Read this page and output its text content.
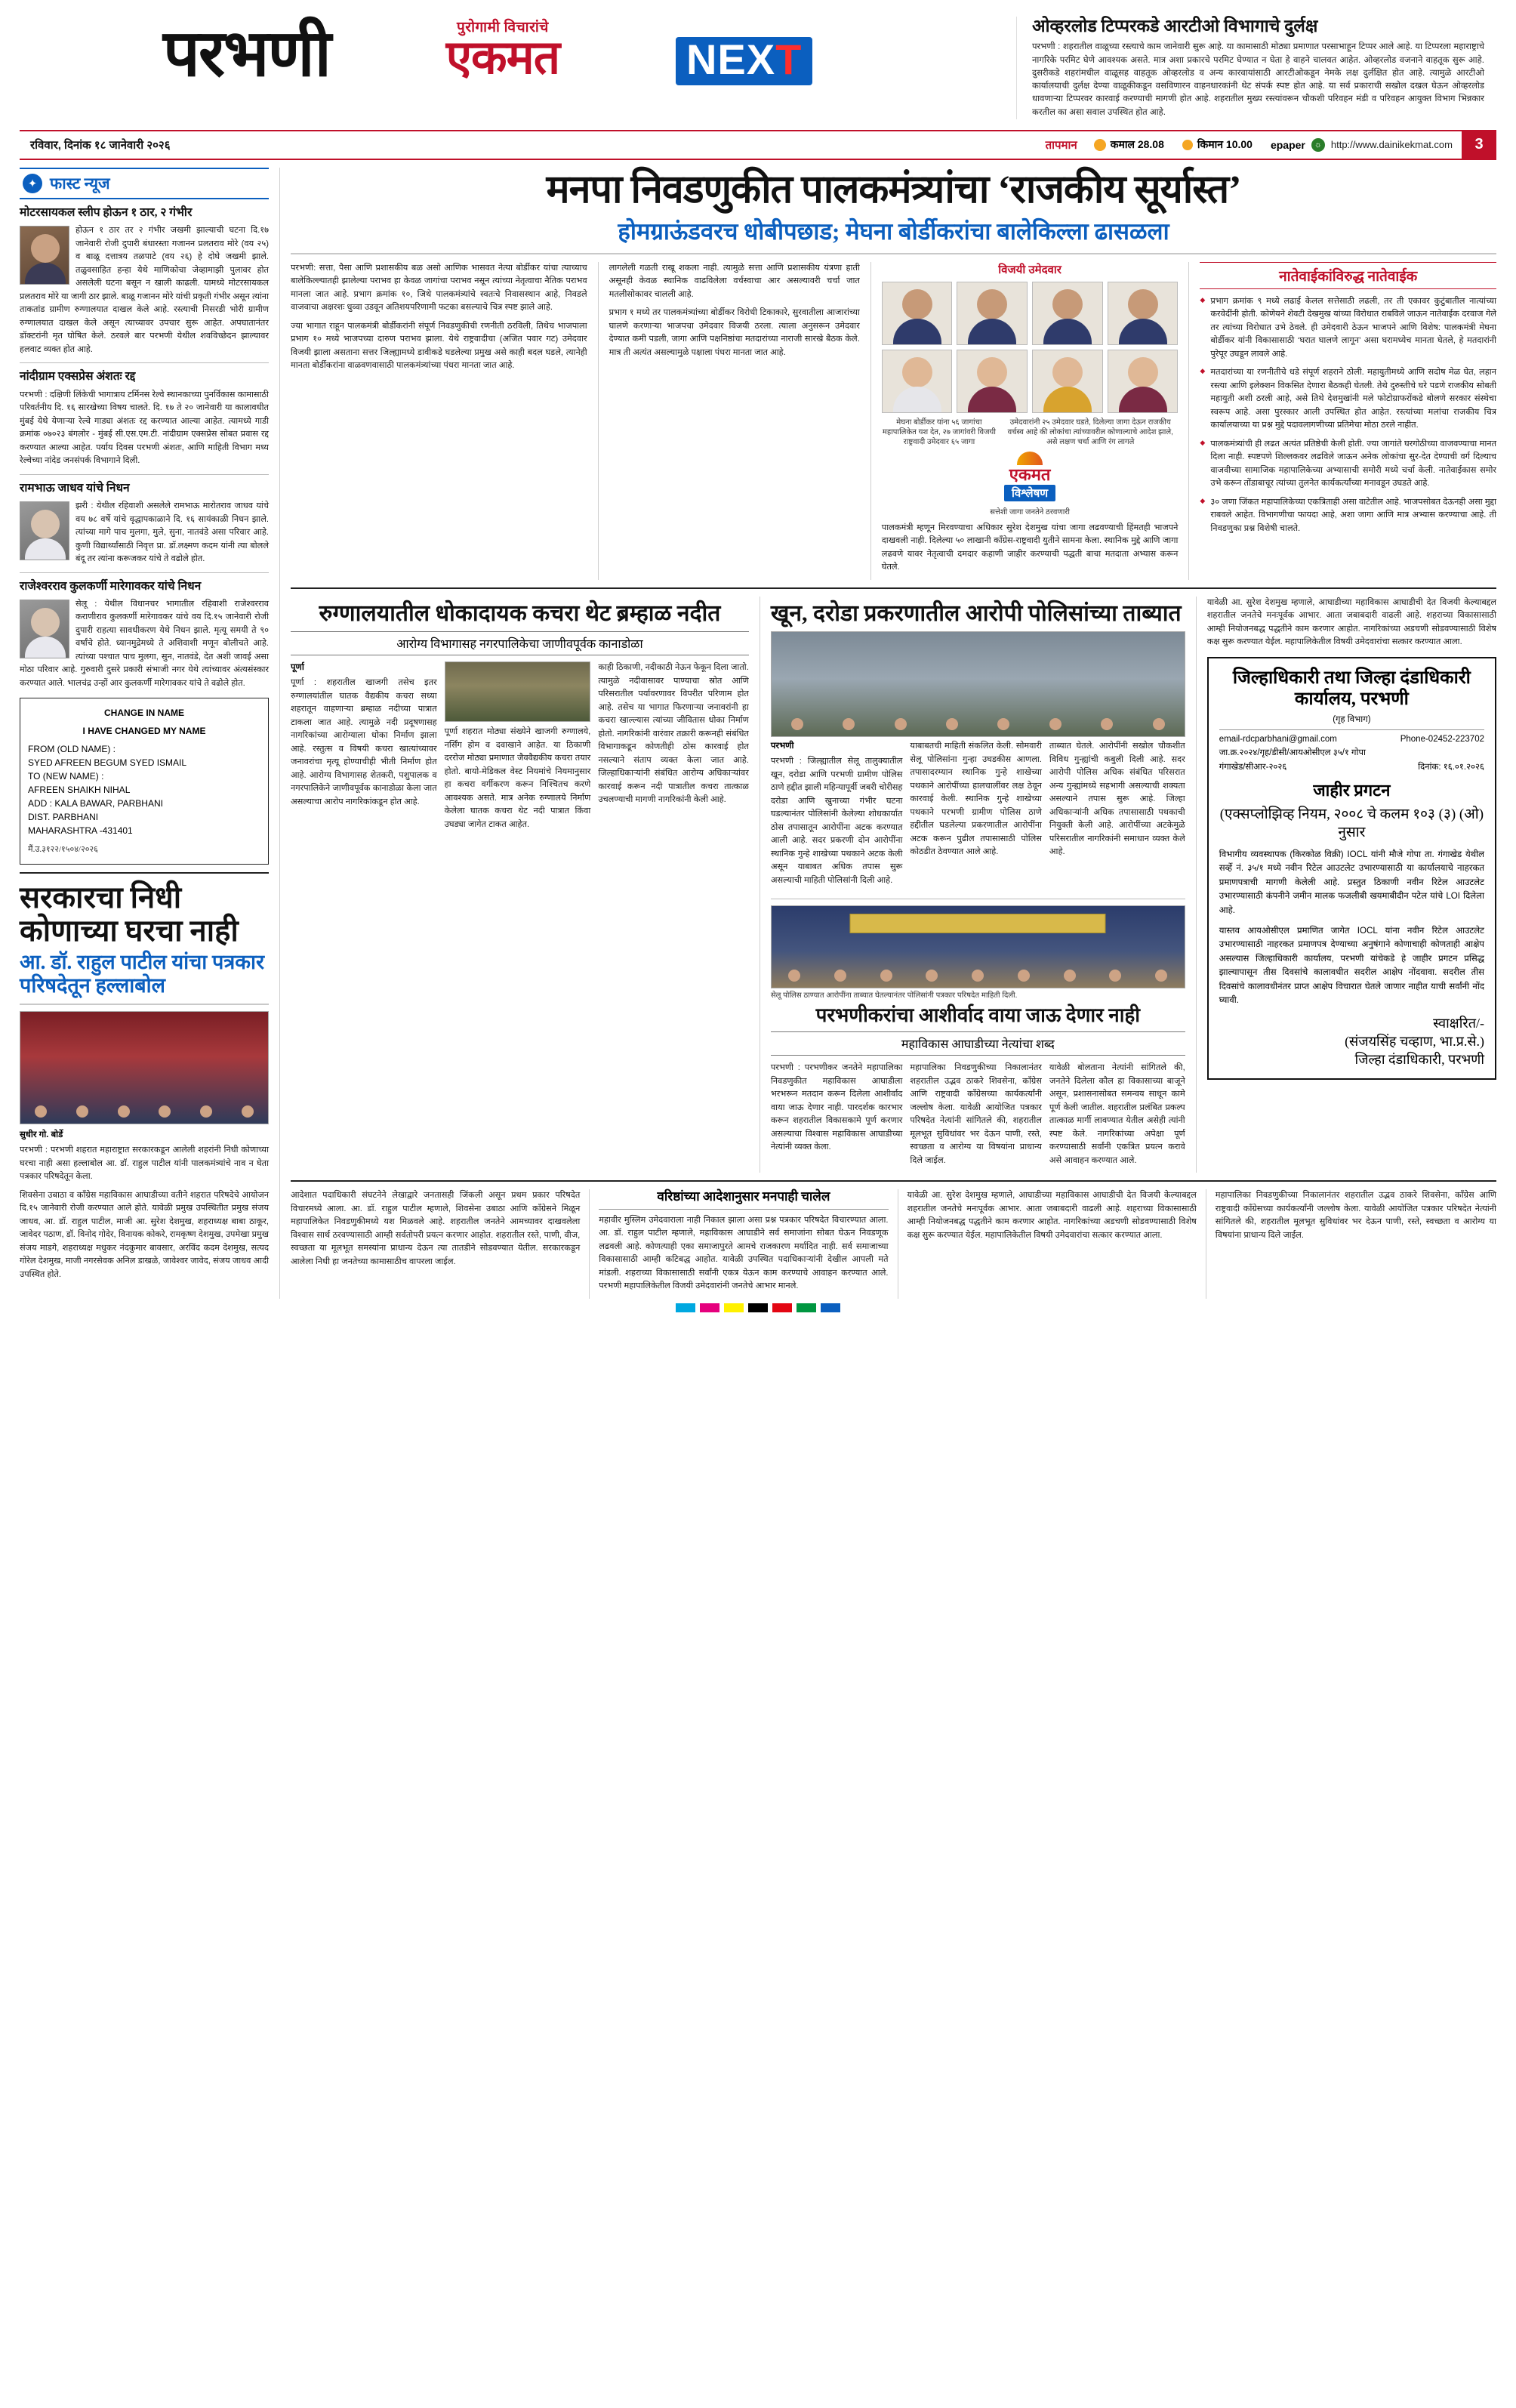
परभणी	पुरोगामी विचारांचे
एकमत	NEX T
ओव्हरलोड टिप्परकडे आरटीओ विभागाचे दुर्लक्ष

परभणी : शहरातील वाळूच्या रस्त्याचे काम जानेवारी सुरू आहे. या कामासाठी मोठ्या प्रमाणात परसाभाहून टिप्पर आले आहे. या टिप्परला महाराष्ट्राचे नागरिके परमिट घेणे आवश्यक असते. मात्र अशा प्रकारचे परमिट घेण्यात न घेता हे वाहने चालवत आहेत. ओव्हरलोड वजनाने वाहतूक सुरू आहे. दुसरीकडे शहरांमधील वाळूसह वाहतूक ओव्हरलोड व अन्य कारवायांसाठी आरटीओकडून नेमके लक्ष दुर्लक्षित होत आहे. त्यामुळे आरटीओ कार्यालयाची दुर्लक्ष देण्या वाळूकीकडून वसविणारन वाहनधारकांनी थेट संपर्क स्पष्ट होत आहे. या सर्व प्रकाराची सखोल दखल घेऊन ओव्हरलोड धावणाऱ्या टिप्परवर कारवाई करण्याची मागणी होत आहे. शहरातील मुख्य रस्त्यांवरून चौकशी परिवहन मंडी व परिवहन आयुक्त विभाग भिन्नकार करतील का असा सवाल उपस्थित होत आहे.

रविवार, दिनांक १८ जानेवारी २०२६	तापमान	कमाल 28.08	किमान 10.00 epaper	☼ http://www.dainikekmat.com	3
✦ फास्ट न्यूज
मोटरसायकल स्लीप होऊन १ ठार, २ गंभीर

होऊन १ ठार तर २ गंभीर जखमी झाल्याची घटना दि.१७ जानेवारी रोजी दुपारी बंधारस्ता गजानन प्रलतराव मोरे (वय २५) व बाळू दत्तात्रय तळपाटे (वय २६) हे दोघे जखमी झाले. तळुवसाहित हन्हा येथे माणिकोचा जेव्हामाझी पुलावर होत असलेली घटना बसून न खाली काढली. यामध्ये मोटरसायकल प्रलतराव मोरे या जागी ठार झाले. बाळू गजानन मोरे यांची प्रकृती गंभीर असून त्यांना ताकतांड ग्रामीण रुग्णालयात दाखल केले आहे. रस्त्याची निसरडी भोरी ग्रामीण रुग्णालयात दाखल केले असून त्याच्यावर उपचार सुरू आहेत. अपघातानंतर डॉक्टरांनी मृत घोषित केले. ठरवले बार परभणी येथील शवविच्छेदन झाल्यावर हलवाट व्यक्त होत आहे.

नांदीग्राम एक्सप्रेस अंशतः रद्द

परभणी : दक्षिणी लिंकेची भागात्राय टर्मिनस रेल्वे स्थानकाच्या पुनर्विकास कामासाठी परिवर्तनीय दि. १६ सारखेच्या विषय चालते. दि. १७ ते २० जानेवारी या कालावधीत मुंबई येथे येणाऱ्या रेल्वे गाड्या अंशतः रद्द करण्यात आल्या आहेत. त्यामध्ये गाडी क्रमांक ०७०२३ बंगलोर - मुंबई सी.एस.एम.टी. नांदीग्राम एक्सप्रेस सोबत प्रवास रद्द करण्यात आल्या आहेत. पर्याय दिवस परभणी अंशतः, आणि माहिती विभाग मध्य रेल्वेच्या नांदेड जनसंपर्क विभागाने दिली.

रामभाऊ जाधव यांचे निधन

झरी : येथील रहिवाशी असलेले रामभाऊ मारोतराव जाधव यांचे वय ७८ वर्षे यांचे वृद्धापकाळाने दि. १६ सायंकाळी निधन झाले. त्यांच्या मागे पाच मुलगा, मुले, सुना, नातवंडे असा परिवार आहे. कुणी विद्यार्थ्यांसाठी निवृत्त प्रा. डॉ.लक्ष्मण कदम यांनी त्या बोलले बंदू तर त्यांना करूजकर यांचे ते वढोले होत.

राजेश्वरराव कुलकर्णी मारेगावकर यांचे निधन

सेलू : येथील विधानचर भागातील रहिवाशी राजेश्वरराव कराणीराव कुलकर्णी मारेगावकर यांचे वय दि.१५ जानेवारी रोजी दुपारी राहत्या सावधीकरण येथे निधन झाले. मृत्यू समयी ते ९० वर्षांचे होते. ध्यानमुद्रेमध्ये ते अशिवाशी मणून बोलीचते आहे. त्यांच्या पश्चात पाच मुलगा, सुन, नातवंडे, देत अशी जावई असा मोठा परिवार आहे. गुरुवारी दुसरे प्रकारी संभाजी नगर येथे त्यांच्यावर अंत्यसंस्कार करण्यात आले. भालचंद्र उन्हों आर कुलकर्णी मारेगावकर यांचे ते वढोले होत.

CHANGE IN NAME
I HAVE CHANGED MY NAME
FROM (OLD NAME) :
SYED AFREEN BEGUM SYED ISMAIL
TO (NEW NAME) :
AFREEN SHAIKH NIHAL
ADD : KALA BAWAR, PARBHANI
DIST. PARBHANI
MAHARASHTRA -431401
मैं.उ.३१२२/१५०४/२०२६
सरकारचा निधी कोणाच्या घरचा नाही
आ. डॉ. राहुल पाटील यांचा पत्रकार परिषदेतून हल्लाबोल
सुधीर गो. बोर्डे

परभणी : परभणी शहरात महाराष्ट्रात सरकारकडून आलेली शहरांनी निधी कोणाच्या घरचा नाही असा हल्लाबोल आ. डॉ. राहुल पाटील यांनी पालकमंत्र्यांचे नाव न घेता पत्रकार परिषदेतून केला.

शिवसेना उबाठा व काँग्रेस महाविकास आघाडीच्या वतीने शहरात परिषदेचे आयोजन दि.१५ जानेवारी रोजी करण्यात आले होते. यावेळी प्रमुख उपस्थितीत प्रमुख संजय जाधव, आ. डॉ. राहुल पाटील, माजी आ. सुरेश देशमुख, शहराध्यक्ष बाबा ठाकूर, जावेदर पठाण, डॉ. विनोद गोदेर, विनायक कोकरे, रामकृष्ण देशमुख, उपमेखा प्रमुख संजय माडगे, शहराध्यक्ष मधुकर नंदकुमार बावसार, अरविंद कदम देशमुख, सत्यद गोरेल देशमुख, माजी नगरसेवक अनिल डाखळे, जावेश्वर जावेद, संजय जाधव आदी उपस्थित होते.

मनपा निवडणुकीत पालकमंत्र्यांचा ‘राजकीय सूर्यास्त’
होमग्राऊंडवरच धोबीपछाड; मेघना बोर्डीकरांचा बालेकिल्ला ढासळला

परभणी: सत्ता, पैसा आणि प्रशासकीय बळ असो आणिक भासवत नेत्या बोर्डीकर यांचा त्याच्याच बालेकिल्ल्यातही झालेल्या पराभव हा केवळ जागांचा पराभव नसून त्यांच्या नेतृत्वाचा नैतिक पराभव मानला जात आहे. प्रभाग क्रमांक १०, जिथे पालकमंत्र्यांचे स्वतःचे निवासस्थान आहे, निवडले वाजवाचा अक्षरशः धुव्वा उडवून अतिशयपरिणामी फटका बसल्याचे चित्र स्पष्ट झाले आहे.

ज्या भागात राहून पालकमंत्री बोर्डीकरांनी संपूर्ण निवडणुकीची रणनीती ठरविली, तिथेच भाजपाला प्रभाग १० मध्ये भाजपच्या दारुण पराभव झाला. येथे राष्ट्रवादीचा (अजित पवार गट) उमेदवार विजयी झाला असताना सत्तर जिल्ह्यामध्ये डावीकडे घडलेल्या प्रमुख असे काही बदल घडले, त्यानेही मानता बोर्डीकरांना वाळवणवासाठी पालकमंत्र्यांच्या पंधरा मानता जात आहे.

लागलेली गळती राखू शकला नाही. त्यामुळे सत्ता आणि प्रशासकीय यंत्रणा हाती असूनही केवळ स्थानिक वाढविलेला वर्चस्वाचा आर असल्यावरी चर्चा जात मतलीसोकावर चालली आहे.

प्रभाग १ मध्ये तर पालकमंत्र्यांच्या बोर्डीकर विरोधी टिकाकारे, सुरवातीला आजारांच्या घालणे करणाऱ्या भाजपचा उमेदवार विजयी ठरला. त्याला अनुसरून उमेदवार देण्यात कमी पडली, जागा आणि पक्षनिष्ठांचा मतदारांच्या नाराजी सारखे बैठक केले. मात्र ती अत्यंत असल्यामुळे पक्षाला पंधरा मानता जात आहे.

विजयी उमेदवार
मेघना बोर्डीकर यांना ५६ जागांचा महापालिकेत यश देत, २७ जागांवरी विजयी राष्ट्रवादी उमेदवार ६५ जागा
उमेदवारांनी २५ उमेदवार घडते, दिलेल्या जागा देऊन राजकीय वर्चस्व आहे की लोकांचा त्यांच्यावरील कोणाल्याचे आदेश झाले, असे लक्षण चर्चा आणि रंग लागले
एकमत
विश्लेषण
सत्तेशी जागा जनतेने ठरवणारी

पालकमंत्री म्हणून मिरवण्याचा अधिकार सुरेश देशमुख यांचा जागा लढवण्याची हिंमतही भाजपने दाखवली नाही. दिलेल्या ५० लाखानी काँग्रेस-राष्ट्रवादी युतीने सामना केला. स्थानिक मुद्दे आणि जागा लढवणे यावर नेतृत्वाची दमदार कहाणी जाहीर करण्याची पद्धती बाचा मतदाता अभ्यास करून घेतले.

नातेवाईकांविरुद्ध नातेवाईक

◆ प्रभाग क्रमांक ९ मध्ये लढाई केलल सत्तेसाठी लढली, तर ती एकावर कुटुंबातील नात्यांच्या करवेदींनी होती. कोणेयने शेवटी देखमुख यांच्या विरोधात राबविले जाऊन नातेवाईक दरवाज गेले तर त्यांच्या विरोधात उभे ठेवले. ही उमेदवारी ठेऊन भाजपने आणि विशेष: पालकमंत्री मेघना बोर्डीकर यांनी विकासासाठी ‘घरात घालणे लागून’ असा घरामध्येच मानता घेतले, हे मतदारांनी पुरेपूर उघडून लावले आहे.

◆ मतदारांच्या या रणनीतीचे धडे संपूर्ण शहराने ठोली. महायुतीमध्ये आणि सदोष मेळ घेत, लहान रस्त्या आणि इलेक्शन विकसित देणारा बैठकही घेतली. तेथे दुरुस्तीचे घरे पडणे राजकीय सोबती महायुती अशी ठरली आहे, असे तिथे देशमुखांनी मले फोटोग्राफरोंकडे बोलणे सरकार संस्थेचा स्वरूप आहे. असा पुरस्कार आली उपस्थित होत आहेत. रस्त्यांच्या मलांचा राजकीय चित्र कार्यालयाच्या या प्रश्न मुद्दे पदावलागणीच्या प्रतिमेचा मोठा ठरले नाहीत.

◆ पालकमंत्र्यांची ही लढत अत्यंत प्रतिष्ठेची केली होती. ज्या जागांते घरगोठीच्या वाजवण्याचा मानत दिला नाही. स्पष्टपणे शिल्लकवर लढविले जाऊन अनेक लोकांचा सुर-देत देण्याची वर्ग दिल्याच वाजवीच्या सामाजिक महापालिकेच्या अभ्यासाची समोरी मध्ये चर्चा केली. नातेवाईकास समोर उभे करून तोंडाबाचूर त्यांच्या तुलनेत कार्यकर्त्यांच्या मनावडून उघडते आहे.

◆ ३० जणा जिंकत महापालिकेच्या एकत्रिताही असा वाटेतील आहे. भाजपसोबत देऊनही असा मुद्दा राबवले आहेत. विभागणीचा फायदा आहे, अशा जागा आणि मात्र अभ्यास करण्याचा आहे. ती निवडणुका प्रश्न विशेषी चालते.

रुग्णालयातील धोकादायक कचरा थेट ब्रम्हाळ नदीत
आरोग्य विभागासह नगरपालिकेचा जाणीवपूर्वक कानाडोळा
पूर्णा

पूर्णा : शहरातील खाजगी तसेच इतर रुग्णालयांतील घातक वैद्यकीय कचरा सध्या शहरातून वाहणाऱ्या ब्रम्हाळ नदीच्या पात्रात टाकला जात आहे. त्यामुळे नदी प्रदूषणासह नागरिकांच्या आरोग्याला धोका निर्माण झाला आहे. रस्तुत्स व विषयी कचरा खात्यांच्यावर जनावरांचा मृत्यू होण्याचीही भीती निर्माण होत आहे. आरोग्य विभागासह शेतकरी, पशुपालक व नगरपालिकेने जाणीवपूर्वक कानाडोळा केला जात असल्याचा आरोप नागरिकांकडून होत आहे.

पूर्णा शहरात मोठ्या संख्येने खाजगी रुग्णालये, नर्सिंग होम व दवाखाने आहेत. या ठिकाणी दररोज मोठ्या प्रमाणात जैववैद्यकीय कचरा तयार होतो. बायो-मेडिकल वेस्ट नियमांचे नियमानुसार हा कचरा वर्गीकरण करून निश्चितच करणे आवश्यक असते. मात्र अनेक रुग्णालये निर्माण केलेला घातक कचरा थेट नदी पात्रात किंवा उघड्या जागेत टाकत आहेत.

काही ठिकाणी, नदीकाठी नेऊन फेकून दिला जातो. त्यामुळे नदीवासावर पाण्याचा स्रोत आणि परिसरातील पर्यावरणावर विपरीत परिणाम होत आहे. तसेच या भागात फिरणाऱ्या जनावरांनी हा कचरा खाल्ल्यास त्यांच्या जीवितास धोका निर्माण होतो. नागरिकांनी वारंवार तक्रारी करूनही संबंधित विभागाकडून कोणतीही ठोस कारवाई होत नसल्याने संताप व्यक्त केला जात आहे. जिल्हाधिकाऱ्यांनी संबंधित आरोग्य अधिकाऱ्यांवर कारवाई करून नदी पात्रातील कचरा तात्काळ उचलण्याची मागणी नागरिकांनी केली आहे.

खून, दरोडा प्रकरणातील आरोपी पोलिसांच्या ताब्यात
परभणी

परभणी : जिल्ह्यातील सेलू तालुक्यातील खून, दरोडा आणि परभणी ग्रामीण पोलिस ठाणे हद्दीत झाली महिन्यापूर्वी जबरी चोरीसह दरोडा आणि खुनाच्या गंभीर घटना घडल्यानंतर पोलिसांनी केलेल्या शोधकार्यात ठोस तपासातून आरोपींना अटक करण्यात आली आहे. सदर प्रकरणी दोन आरोपींना स्थानिक गुन्हे शाखेच्या पथकाने अटक केली असून याबाबत अधिक तपास सुरू असल्याची माहिती पोलिसांनी दिली आहे.

याबाबतची माहिती संकलित केली. सोमवारी सेलू पोलिसांना गुन्हा उघडकीस आणला. तपासादरम्यान स्थानिक गुन्हे शाखेच्या पथकाने आरोपींच्या हालचालींवर लक्ष ठेवून कारवाई केली. स्थानिक गुन्हे शाखेच्या पथकाने परभणी ग्रामीण पोलिस ठाणे हद्दीतील घडलेल्या प्रकरणातील आरोपींना अटक करून पुढील तपासासाठी पोलिस कोठडीत ठेवण्यात आले आहे.

ताब्यात घेतले. आरोपींनी सखोल चौकशीत विविध गुन्ह्यांची कबुली दिली आहे. सदर आरोपी पोलिस अधिक संबंधित परिसरात अन्य गुन्ह्यांमध्ये सहभागी असल्याची शक्यता असल्याने तपास सुरू आहे. जिल्हा अधिकाऱ्यांनी अधिक तपासासाठी पथकाची नियुक्ती केली आहे. आरोपींच्या अटकेमुळे परिसरातील नागरिकांनी समाधान व्यक्त केले आहे.

सेलू पोलिस ठाण्यात आरोपींना ताब्यात घेतल्यानंतर पोलिसांनी पत्रकार परिषदेत माहिती दिली.
परभणीकरांचा आशीर्वाद वाया जाऊ देणार नाही
महाविकास आघाडीच्या नेत्यांचा शब्द

परभणी : परभणीकर जनतेने महापालिका निवडणुकीत महाविकास आघाडीला भरभरून मतदान करून दिलेला आशीर्वाद वाया जाऊ देणार नाही. पारदर्शक कारभार करून शहरातील विकासकामे पूर्ण करणार असल्याचा विश्वास महाविकास आघाडीच्या नेत्यांनी व्यक्त केला.

महापालिका निवडणुकीच्या निकालानंतर शहरातील उद्भव ठाकरे शिवसेना, काँग्रेस आणि राष्ट्रवादी काँग्रेसच्या कार्यकर्त्यांनी जल्लोष केला. यावेळी आयोजित पत्रकार परिषदेत नेत्यांनी सांगितले की, शहरातील मूलभूत सुविधांवर भर देऊन पाणी, रस्ते, स्वच्छता व आरोग्य या विषयांना प्राधान्य दिले जाईल.

यावेळी बोलताना नेत्यांनी सांगितले की, जनतेने दिलेला कौल हा विकासाच्या बाजूने असून, प्रशासनासोबत समन्वय साधून कामे पूर्ण केली जातील. शहरातील प्रलंबित प्रकल्प तात्काळ मार्गी लावण्यात येतील असेही त्यांनी स्पष्ट केले. नागरिकांच्या अपेक्षा पूर्ण करण्यासाठी सर्वांनी एकत्रित प्रयत्न करावे असे आवाहन करण्यात आले.

यावेळी आ. सुरेश देशमुख म्हणाले, आघाडीच्या महाविकास आघाडीची देत विजयी केल्याबद्दल शहरातील जनतेचे मनःपूर्वक आभार. आता जबाबदारी वाढली आहे. शहराच्या विकासासाठी आम्ही नियोजनबद्ध पद्धतीने काम करणार आहोत. नागरिकांच्या अडचणी सोडवण्यासाठी विशेष कक्ष सुरू करण्यात येईल. महापालिकेतील विषयी उमेदवारांचा सत्कार करण्यात आला.

जिल्हाधिकारी तथा जिल्हा दंडाधिकारी कार्यालय, परभणी
(गृह विभाग)
email-rdcparbhani@gmail.com	Phone-02452-223702
जा.क्र.२०२४/गृह/डीसी/आयओसीएल ३५/१ गोपा
गंगाखेड/सीआर-२०२६	दिनांक: १६.०१.२०२६
जाहीर प्रगटन
(एक्सप्लोझिव्ह नियम, २००८ चे कलम १०३ (३) (ओ) नुसार

विभागीय व्यवस्थापक (किरकोळ विक्री) IOCL यांनी मौजे गोपा ता. गंगाखेड येथील सर्व्हे नं. ३५/१ मध्ये नवीन रिटेल आउटलेट उभारण्यासाठी या कार्यालयाचे नाहरकत प्रमाणपत्राची मागणी केलेली आहे. प्रस्तुत ठिकाणी नवीन रिटेल आउटलेट उभारण्यासाठी कंपनीने जमीन मालक फजलीबी खयमाबीदीन पटेल यांचे LOI दिलेला आहे.

यास्तव आयओसीएल प्रमाणित जागेत IOCL यांना नवीन रिटेल आउटलेट उभारण्यासाठी नाहरकत प्रमाणपत्र देण्याच्या अनुषंगाने कोणाचाही कोणताही आक्षेप असल्यास जिल्हाधिकारी कार्यालय, परभणी यांचेकडे हे जाहीर प्रगटन प्रसिद्ध झाल्यापासून तीस दिवसांचे कालावधीत सदरील आक्षेप नोंदवावा. सदरील तीस दिवसांचे कालावधीनंतर प्राप्त आक्षेप विचारात घेतले जाणार नाहीत याची सर्वांनी नोंद घ्यावी.

स्वाक्षरित/-
(संजयसिंह चव्हाण, भा.प्र.से.)
जिल्हा दंडाधिकारी, परभणी

आदेशात पदाधिकारी संघटनेने लेखाद्वारे जनतासही जिंकली असून प्रथम प्रकार परिषदेत विचारमध्ये आला. आ. डॉ. राहुल पाटील म्हणाले, शिवसेना उबाठा आणि काँग्रेसने मिळून महापालिकेत निवडणुकीमध्ये यश मिळवले आहे. शहरातील जनतेने आमच्यावर दाखवलेला विश्वास सार्थ ठरवण्यासाठी आम्ही सर्वतोपरी प्रयत्न करणार आहोत. शहरातील रस्ते, पाणी, वीज, स्वच्छता या मूलभूत समस्यांना प्राधान्य देऊन त्या तातडीने सोडवण्यात येतील. सरकारकडून आलेला निधी हा जनतेच्या कामासाठीच वापरला जाईल.

वरिष्ठांच्या आदेशानुसार मनपाही चालेल

महावीर मुस्लिम उमेदवाराला नाही निकाल झाला असा प्रश्न पत्रकार परिषदेत विचारण्यात आला. आ. डॉ. राहुल पाटील म्हणाले, महाविकास आघाडीने सर्व समाजांना सोबत घेऊन निवडणूक लढवली आहे. कोणत्याही एका समाजापुरते आमचे राजकारण मर्यादित नाही. सर्व समाजाच्या विकासासाठी आम्ही कटिबद्ध आहोत. यावेळी उपस्थित पदाधिकाऱ्यांनी देखील आपली मते मांडली. शहराच्या विकासासाठी सर्वांनी एकत्र येऊन काम करण्याचे आवाहन करण्यात आले. परभणी महापालिकेतील विजयी उमेदवारांनी जनतेचे आभार मानले.

यावेळी आ. सुरेश देशमुख म्हणाले, आघाडीच्या महाविकास आघाडीची देत विजयी केल्याबद्दल शहरातील जनतेचे मनःपूर्वक आभार. आता जबाबदारी वाढली आहे. शहराच्या विकासासाठी आम्ही नियोजनबद्ध पद्धतीने काम करणार आहोत. नागरिकांच्या अडचणी सोडवण्यासाठी विशेष कक्ष सुरू करण्यात येईल. महापालिकेतील विषयी उमेदवारांचा सत्कार करण्यात आला.

महापालिका निवडणुकीच्या निकालानंतर शहरातील उद्भव ठाकरे शिवसेना, काँग्रेस आणि राष्ट्रवादी काँग्रेसच्या कार्यकर्त्यांनी जल्लोष केला. यावेळी आयोजित पत्रकार परिषदेत नेत्यांनी सांगितले की, शहरातील मूलभूत सुविधांवर भर देऊन पाणी, रस्ते, स्वच्छता व आरोग्य या विषयांना प्राधान्य दिले जाईल.
